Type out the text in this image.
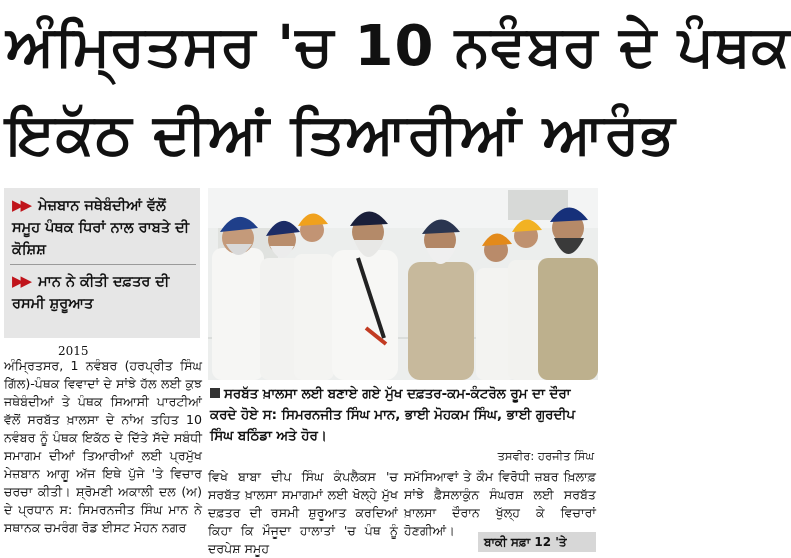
ਅੰਮ੍ਰਿਤਸਰ 'ਚ 10 ਨਵੰਬਰ ਦੇ ਪੰਥਕ
ਇਕੱਠ ਦੀਆਂ ਤਿਆਰੀਆਂ ਆਰੰਭ
▶▶ ਮੇਜ਼ਬਾਨ ਜਥੇਬੰਦੀਆਂ ਵੱਲੋਂ ਸਮੂਹ ਪੰਥਕ ਧਿਰਾਂ ਨਾਲ ਰਾਬਤੇ ਦੀ ਕੋਸ਼ਿਸ਼
▶▶ ਮਾਨ ਨੇ ਕੀਤੀ ਦਫ਼ਤਰ ਦੀ ਰਸਮੀ ਸ਼ੁਰੂਆਤ
2015
ਅੰਮ੍ਰਿਤਸਰ, 1 ਨਵੰਬਰ (ਹਰਪ੍ਰੀਤ ਸਿੰਘ ਗਿੱਲ)-ਪੰਥਕ ਵਿਵਾਦਾਂ ਦੇ ਸਾਂਝੇ ਹੱਲ ਲਈ ਕੁਝ ਜਥੇਬੰਦੀਆਂ ਤੇ ਪੰਥਕ ਸਿਆਸੀ ਪਾਰਟੀਆਂ ਵੱਲੋਂ ਸਰਬੱਤ ਖ਼ਾਲਸਾ ਦੇ ਨਾਂਅ ਤਹਿਤ 10 ਨਵੰਬਰ ਨੂੰ ਪੰਥਕ ਇਕੱਠ ਦੇ ਦਿੱਤੇ ਸੱਦੇ ਸਬੰਧੀ ਸਮਾਗਮ ਦੀਆਂ ਤਿਆਰੀਆਂ ਲਈ ਪ੍ਰਮੁੱਖ ਮੇਜ਼ਬਾਨ ਆਗੂ ਅੱਜ ਇਥੇ ਪੁੱਜੇ 'ਤੇ ਵਿਚਾਰ ਚਰਚਾ ਕੀਤੀ। ਸ਼੍ਰੋਮਣੀ ਅਕਾਲੀ ਦਲ (ਅ) ਦੇ ਪ੍ਰਧਾਨ ਸ: ਸਿਮਰਨਜੀਤ ਸਿੰਘ ਮਾਨ ਨੇ ਸਥਾਨਕ ਚਮਰੰਗ ਰੋਡ ਈਸਟ ਮੋਹਨ ਨਗਰ
ਸਰਬੱਤ ਖ਼ਾਲਸਾ ਲਈ ਬਣਾਏ ਗਏ ਮੁੱਖ ਦਫ਼ਤਰ-ਕਮ-ਕੰਟਰੋਲ ਰੂਮ ਦਾ ਦੌਰਾ ਕਰਦੇ ਹੋਏ ਸ: ਸਿਮਰਨਜੀਤ ਸਿੰਘ ਮਾਨ, ਭਾਈ ਮੋਹਕਮ ਸਿੰਘ, ਭਾਈ ਗੁਰਦੀਪ ਸਿੰਘ ਬਠਿੰਡਾ ਅਤੇ ਹੋਰ।
ਤਸਵੀਰ: ਹਰਜੀਤ ਸਿੰਘ
ਵਿਖੇ ਬਾਬਾ ਦੀਪ ਸਿੰਘ ਕੰਪਲੈਕਸ 'ਚ ਸਰਬੱਤ ਖ਼ਾਲਸਾ ਸਮਾਗਮਾਂ ਲਈ ਖੋਲ੍ਹੇ ਮੁੱਖ ਦਫ਼ਤਰ ਦੀ ਰਸਮੀ ਸ਼ੁਰੂਆਤ ਕਰਦਿਆਂ ਕਿਹਾ ਕਿ ਮੌਜੂਦਾ ਹਾਲਾਤਾਂ 'ਚ ਪੰਥ ਨੂੰ ਦਰਪੇਸ਼ ਸਮੂਹ
ਸਮੱਸਿਆਵਾਂ ਤੇ ਕੌਮ ਵਿਰੋਧੀ ਜ਼ਬਰ ਖ਼ਿਲਾਫ਼ ਸਾਂਝੇ ਫ਼ੈਸਲਾਕੁੰਨ ਸੰਘਰਸ਼ ਲਈ ਸਰਬੱਤ ਖ਼ਾਲਸਾ ਦੌਰਾਨ ਖੁੱਲ੍ਹ ਕੇ ਵਿਚਾਰਾਂ ਹੋਣਗੀਆਂ।
ਬਾਕੀ ਸਫ਼ਾ 12 'ਤੇ
